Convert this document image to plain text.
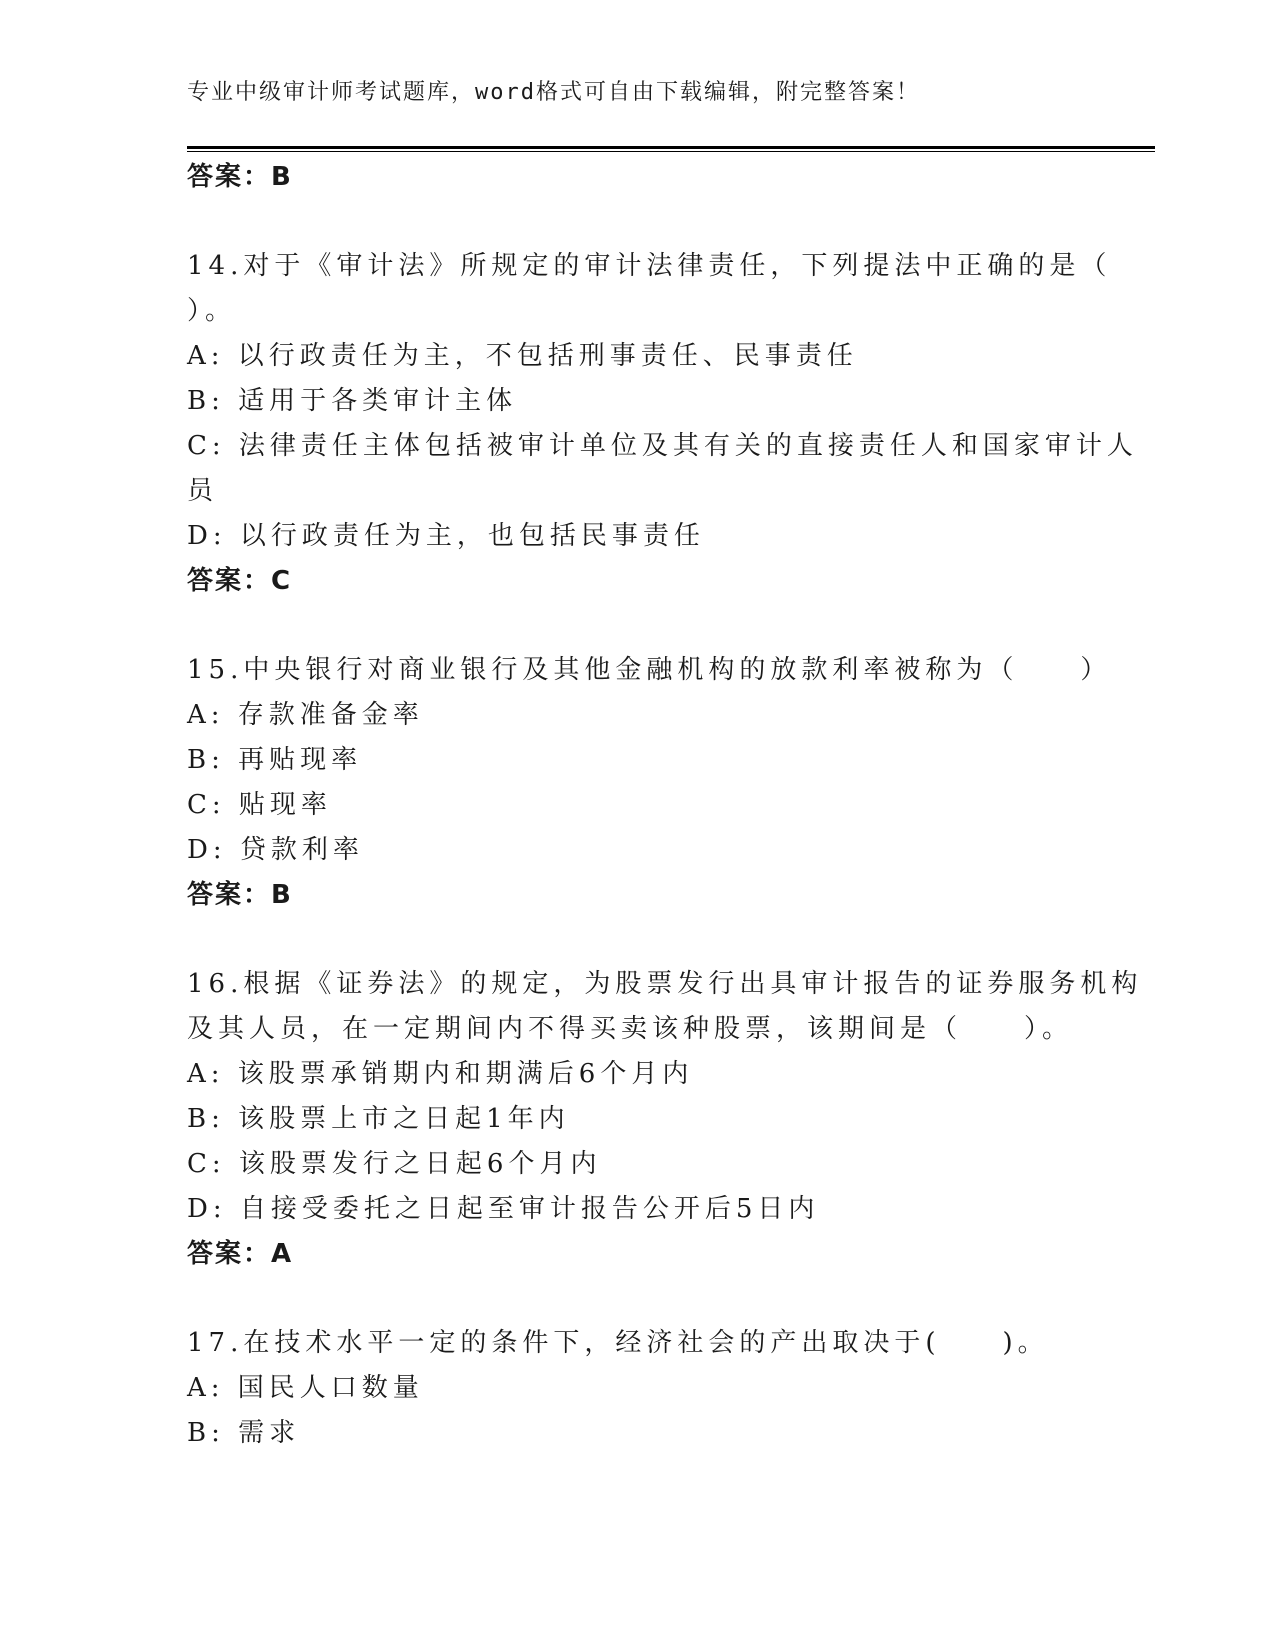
专业中级审计师考试题库，word格式可自由下载编辑，附完整答案！
答案：B
14.对于《审计法》所规定的审计法律责任，下列提法中正确的是（
）。
A: 以行政责任为主，不包括刑事责任、民事责任
B: 适用于各类审计主体
C: 法律责任主体包括被审计单位及其有关的直接责任人和国家审计人
员
D: 以行政责任为主，也包括民事责任
答案：C
15.中央银行对商业银行及其他金融机构的放款利率被称为（　　）
A: 存款准备金率
B: 再贴现率
C: 贴现率
D: 贷款利率
答案：B
16.根据《证券法》的规定，为股票发行出具审计报告的证券服务机构
及其人员，在一定期间内不得买卖该种股票，该期间是（　　）。
A: 该股票承销期内和期满后6个月内
B: 该股票上市之日起1年内
C: 该股票发行之日起6个月内
D: 自接受委托之日起至审计报告公开后5日内
答案：A
17.在技术水平一定的条件下，经济社会的产出取决于(　　)。
A: 国民人口数量
B: 需求
